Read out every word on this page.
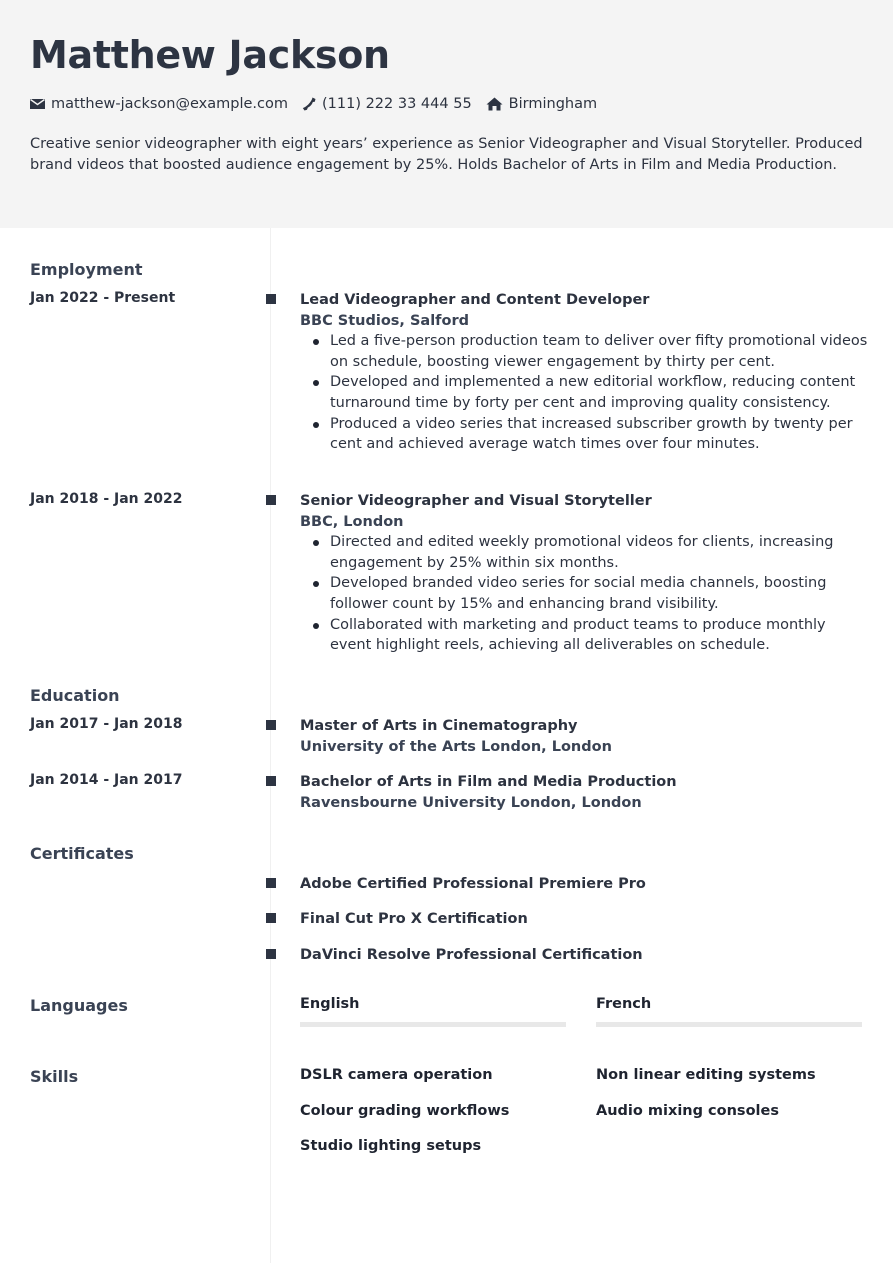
Matthew Jackson
matthew-jackson@example.com (111) 222 33 444 55	Birmingham
Creative senior videographer with eight years’ experience as Senior Videographer and Visual Storyteller. Produced brand videos that boosted audience engagement by 25%. Holds Bachelor of Arts in Film and Media Production.
Employment
Jan 2022 - Present	Lead Videographer and Content Developer
BBC Studios, Salford
Led a five-person production team to deliver over fifty promotional videos on schedule, boosting viewer engagement by thirty per cent.
Developed and implemented a new editorial workflow, reducing content turnaround time by forty per cent and improving quality consistency.
Produced a video series that increased subscriber growth by twenty per cent and achieved average watch times over four minutes.
Jan 2018 - Jan 2022	Senior Videographer and Visual Storyteller
BBC, London
Directed and edited weekly promotional videos for clients, increasing engagement by 25% within six months.
Developed branded video series for social media channels, boosting follower count by 15% and enhancing brand visibility.
Collaborated with marketing and product teams to produce monthly event highlight reels, achieving all deliverables on schedule.
Education
Jan 2017 - Jan 2018	Master of Arts in Cinematography
University of the Arts London, London
Jan 2014 - Jan 2017	Bachelor of Arts in Film and Media Production
Ravensbourne University London, London
Certificates
Adobe Certified Professional Premiere Pro
Final Cut Pro X Certification
DaVinci Resolve Professional Certification
Languages	English	French
Skills	DSLR camera operation	Non linear editing systems
Colour grading workflows	Audio mixing consoles
Studio lighting setups
